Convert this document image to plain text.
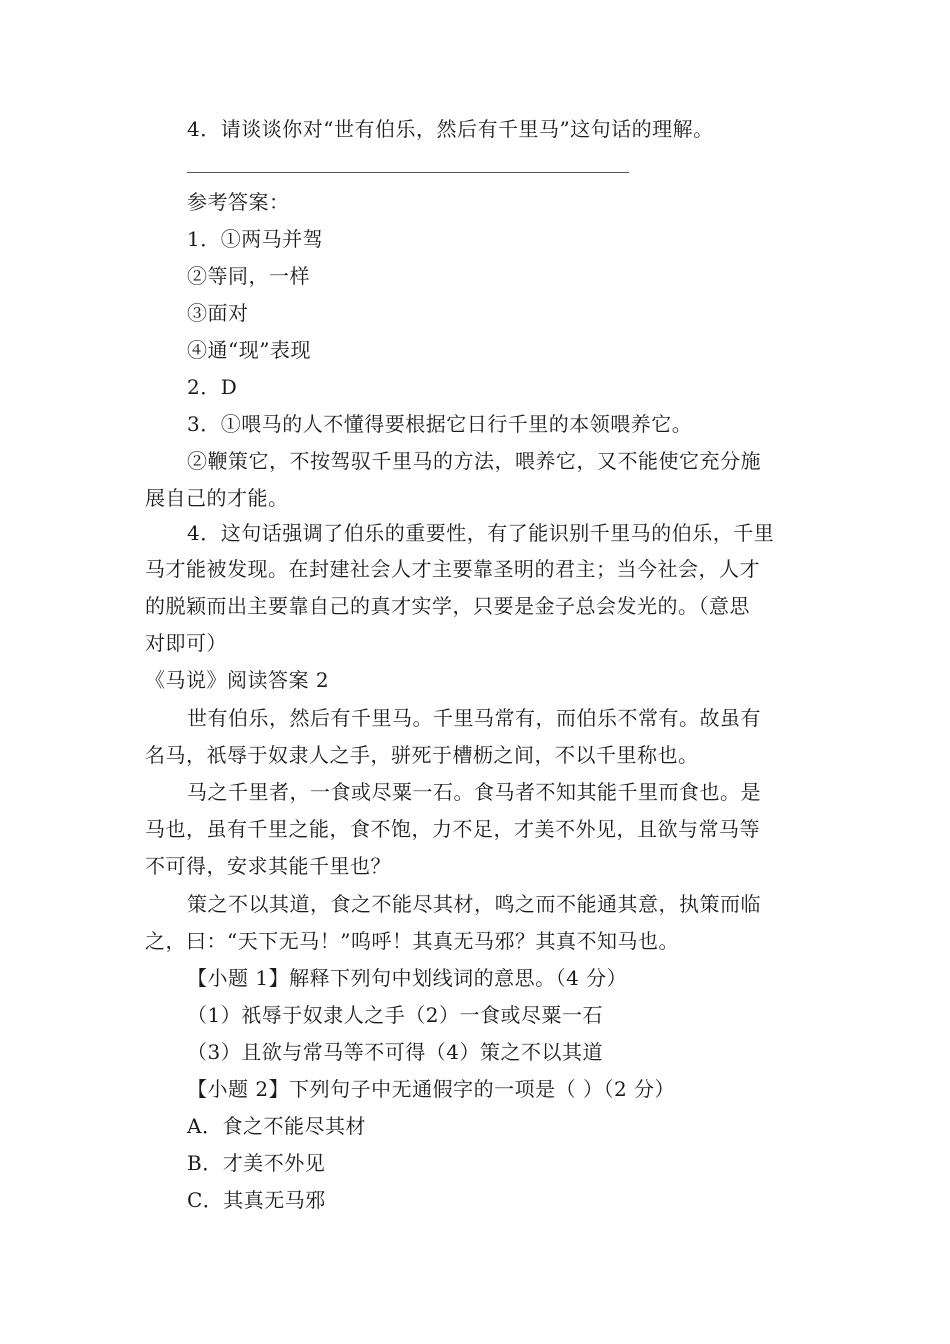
4．请谈谈你对“世有伯乐，然后有千里马”这句话的理解。
参考答案：
1．①两马并驾
②等同，一样
③面对
④通“现”表现
2．D
3．①喂马的人不懂得要根据它日行千里的本领喂养它。
②鞭策它，不按驾驭千里马的方法，喂养它，又不能使它充分施
展自己的才能。
4．这句话强调了伯乐的重要性，有了能识别千里马的伯乐，千里
马才能被发现。在封建社会人才主要靠圣明的君主；当今社会，人才
的脱颖而出主要靠自己的真才实学，只要是金子总会发光的。（意思
对即可）
《马说》阅读答案 2
世有伯乐，然后有千里马。千里马常有，而伯乐不常有。故虽有
名马，祇辱于奴隶人之手，骈死于槽枥之间，不以千里称也。
马之千里者，一食或尽粟一石。食马者不知其能千里而食也。是
马也，虽有千里之能，食不饱，力不足，才美不外见，且欲与常马等
不可得，安求其能千里也？
策之不以其道，食之不能尽其材，鸣之而不能通其意，执策而临
之，曰：“天下无马！”呜呼！其真无马邪？其真不知马也。
【小题 1】解释下列句中划线词的意思。（4 分）
（1）祇辱于奴隶人之手（2）一食或尽粟一石
（3）且欲与常马等不可得（4）策之不以其道
【小题 2】下列句子中无通假字的一项是（ ）（2 分）
A．食之不能尽其材
B．才美不外见
C．其真无马邪
